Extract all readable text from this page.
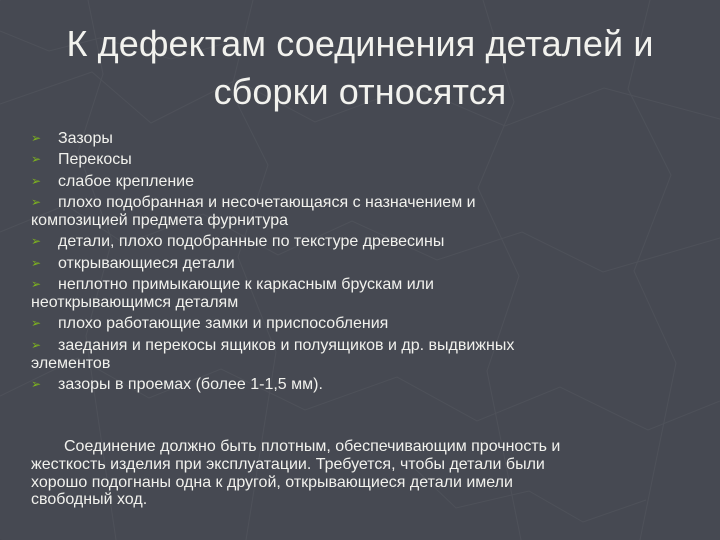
К дефектам соединения деталей и
сборки относятся
➢ Зазоры
➢ Перекосы
➢ слабое крепление
➢ плохо подобранная и несочетающаяся с назначением и
композицией предмета фурнитура
➢ детали, плохо подобранные по текстуре древесины
➢ открывающиеся детали
➢ неплотно примыкающие к каркасным брускам или
неоткрывающимся деталям
➢ плохо работающие замки и приспособления
➢ заедания и перекосы ящиков и полуящиков и др. выдвижных
элементов
➢ зазоры в проемах (более 1-1,5 мм).

Соединение должно быть плотным, обеспечивающим прочность и
жесткость изделия при эксплуатации. Требуется, чтобы детали были
хорошо подогнаны одна к другой, открывающиеся детали имели
свободный ход.
